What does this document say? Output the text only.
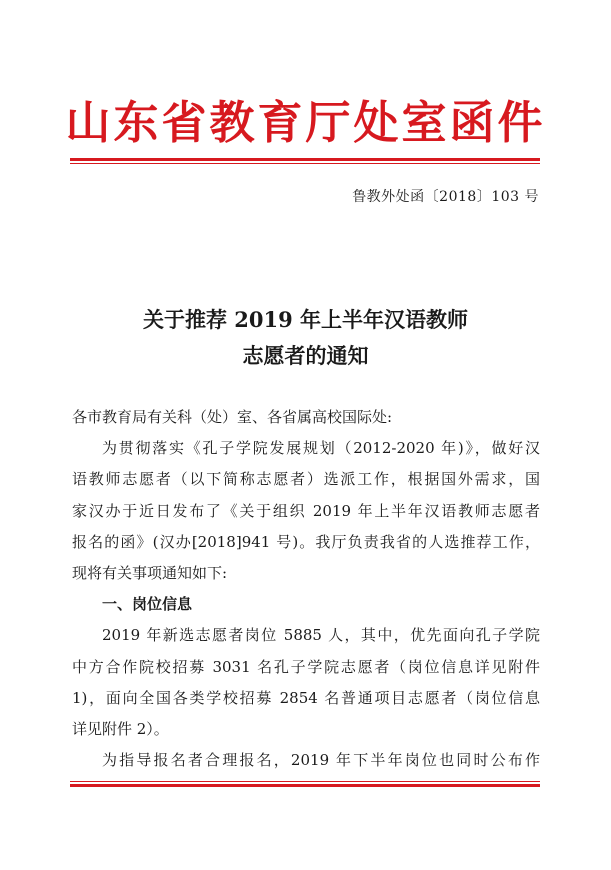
山东省教育厅处室函件
鲁教外处函〔2018〕103 号
关于推荐 2019 年上半年汉语教师
志愿者的通知
各市教育局有关科（处）室、各省属高校国际处:
为贯彻落实《孔子学院发展规划（2012-2020 年)》，做好汉
语教师志愿者（以下简称志愿者）选派工作，根据国外需求，国
家汉办于近日发布了《关于组织 2019 年上半年汉语教师志愿者
报名的函》(汉办[2018]941 号)。我厅负责我省的人选推荐工作，
现将有关事项通知如下:
一、岗位信息
2019 年新选志愿者岗位 5885 人，其中，优先面向孔子学院
中方合作院校招募 3031 名孔子学院志愿者（岗位信息详见附件
1)，面向全国各类学校招募 2854 名普通项目志愿者（岗位信息
详见附件 2）。
为指导报名者合理报名，2019 年下半年岗位也同时公布作
